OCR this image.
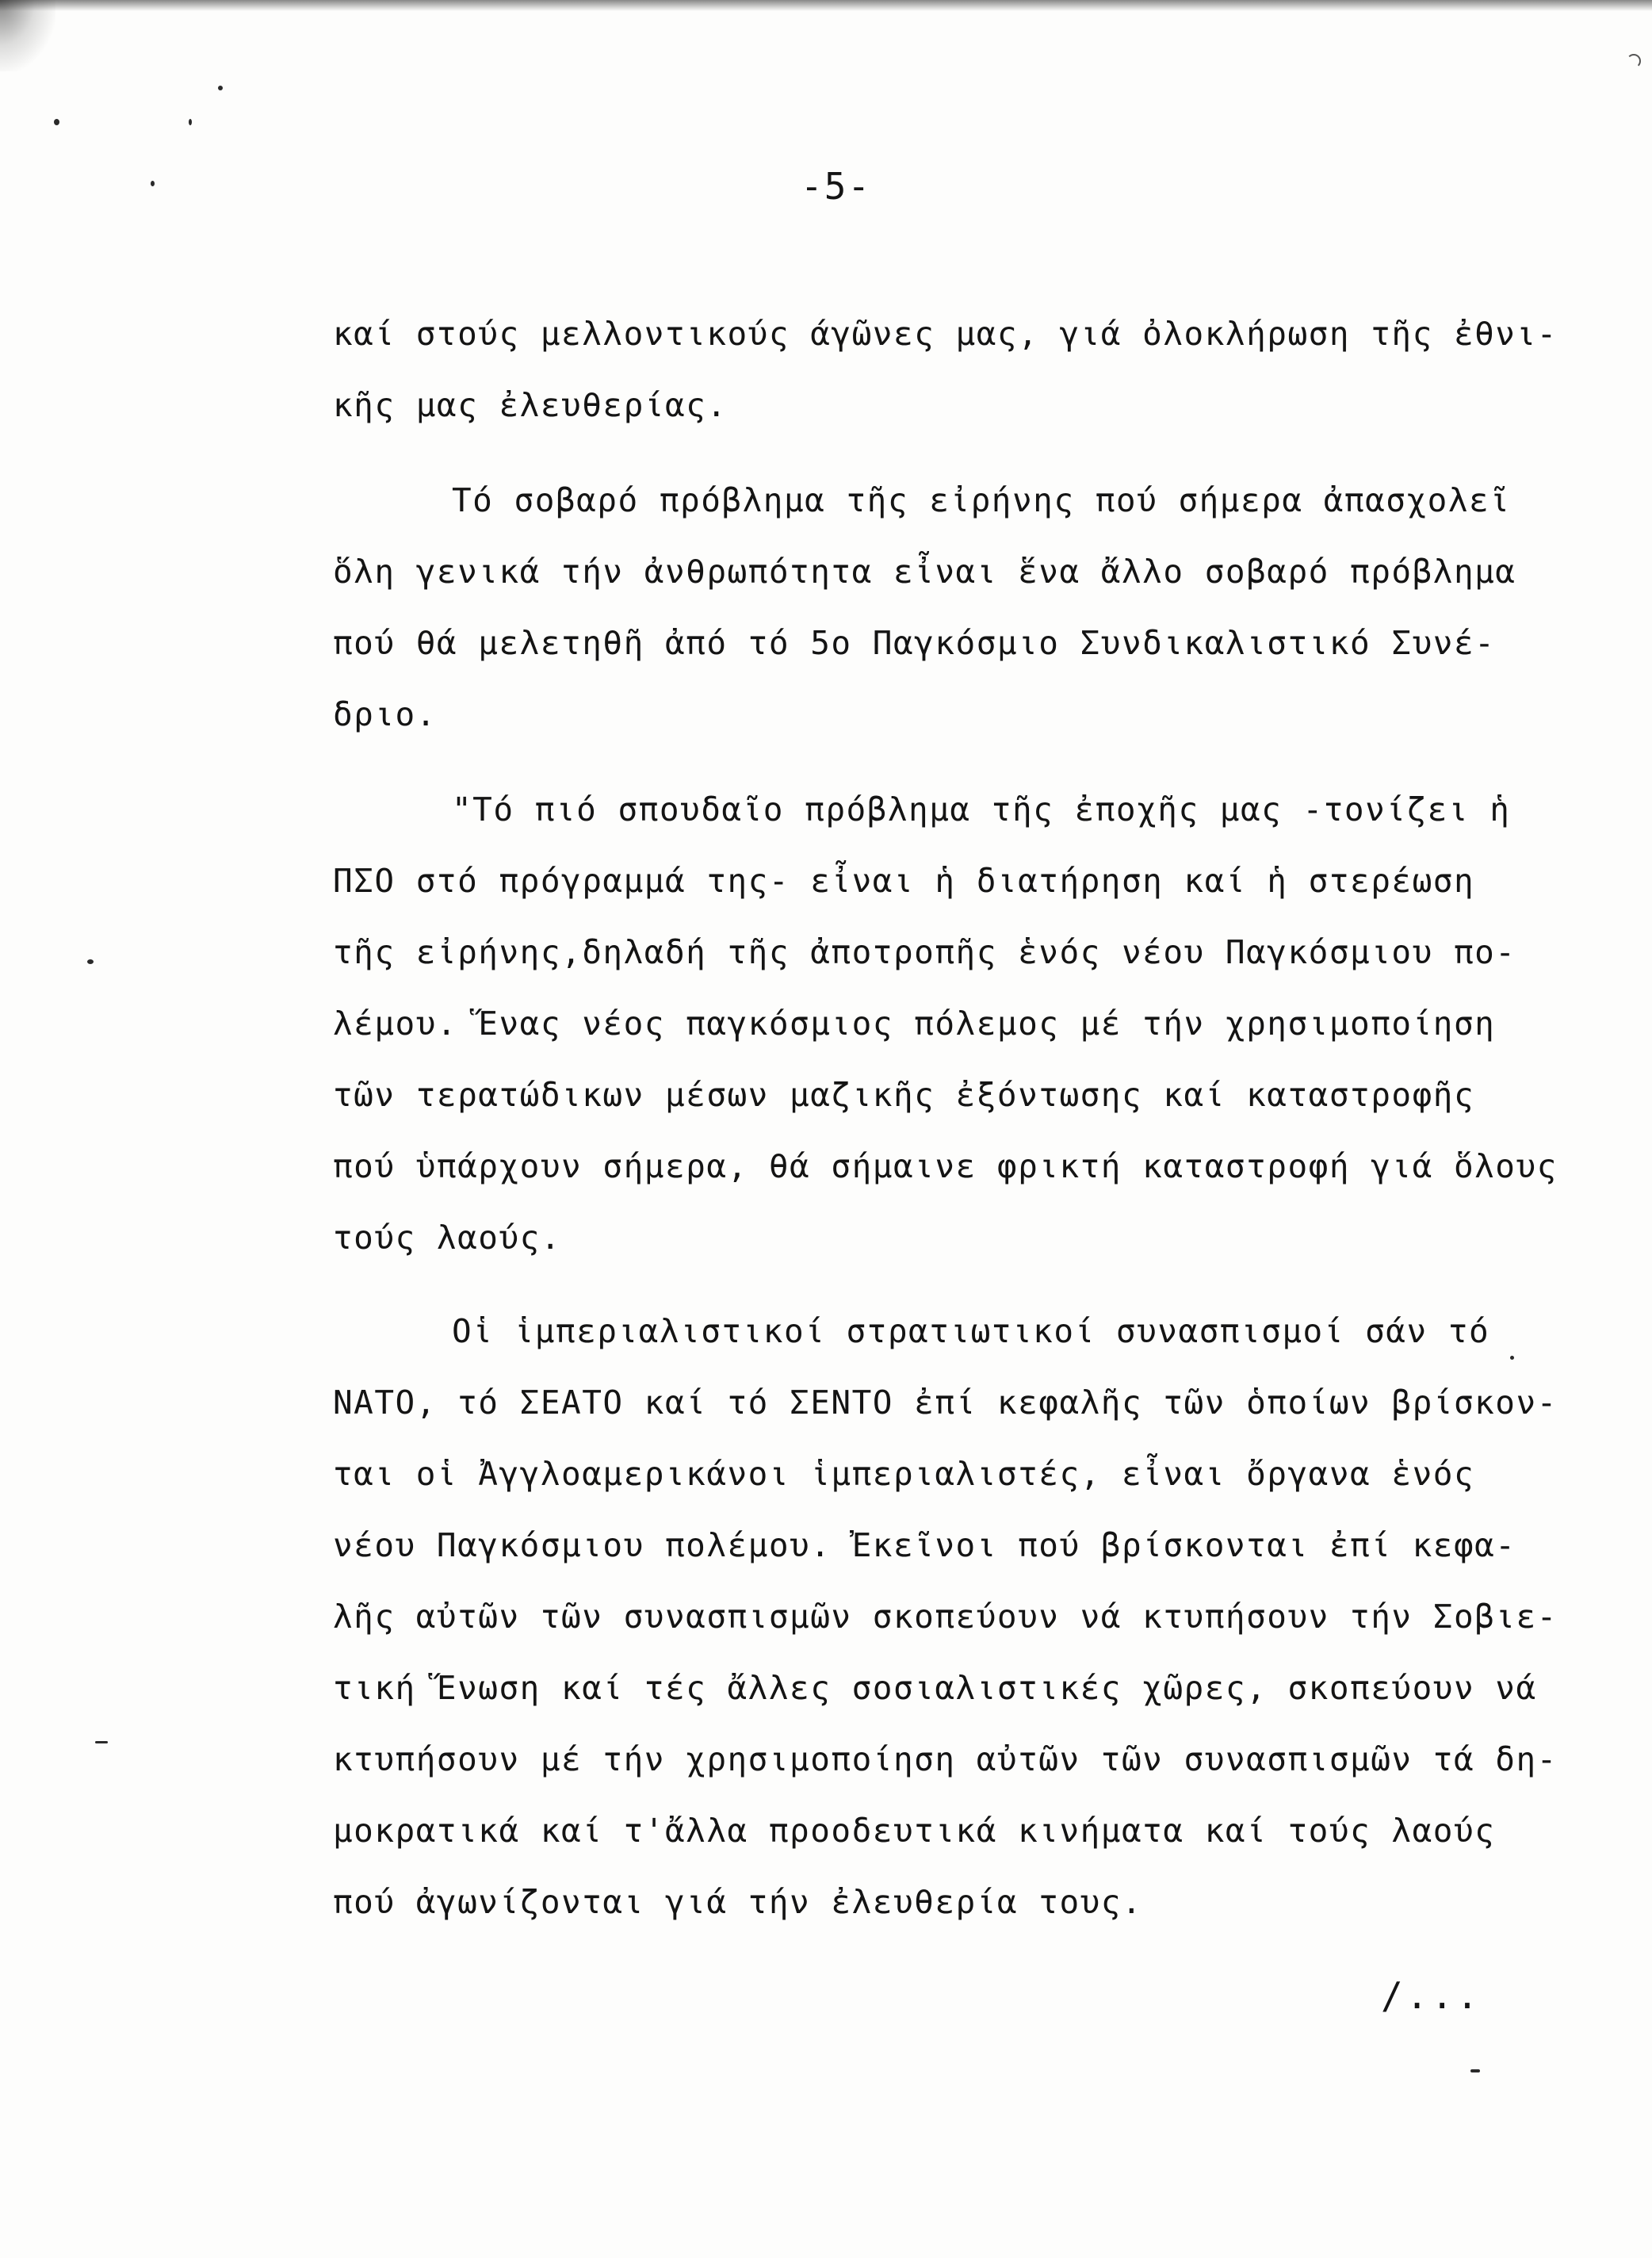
-5-
καί στούς μελλοντικούς άγῶνες μας, γιά ὀλοκλήρωση τῆς ἐθνι-
κῆς μας ἐλευθερίας.
Τό σοβαρό πρόβλημα τῆς εἰρήνης πού σήμερα ἀπασχολεῖ
ὅλη γενικά τήν ἀνθρωπότητα εἶναι ἕνα ἄλλο σοβαρό πρόβλημα
πού θά μελετηθῆ ἀπό τό 5ο Παγκόσμιο Συνδικαλιστικό Συνέ-
δριο.
"Τό πιό σπουδαῖο πρόβλημα τῆς ἐποχῆς μας -τονίζει ἡ
ΠΣΟ στό πρόγραμμά της- εἶναι ἡ διατήρηση καί ἡ στερέωση
τῆς εἰρήνης,δηλαδή τῆς ἀποτροπῆς ἑνός νέου Παγκόσμιου πο-
λέμου. Ἕνας νέος παγκόσμιος πόλεμος μέ τήν χρησιμοποίηση
τῶν τερατώδικων μέσων μαζικῆς ἐξόντωσης καί καταστροφῆς
πού ὑπάρχουν σήμερα, θά σήμαινε φρικτή καταστροφή γιά ὅλους
τούς λαούς.
Οἱ ἱμπεριαλιστικοί στρατιωτικοί συνασπισμοί σάν τό
ΝΑΤΟ, τό ΣΕΑΤΟ καί τό ΣΕΝΤΟ ἐπί κεφαλῆς τῶν ὁποίων βρίσκον-
ται οἱ Ἀγγλοαμερικάνοι ἱμπεριαλιστές, εἶναι ὄργανα ἑνός
νέου Παγκόσμιου πολέμου. Ἐκεῖνοι πού βρίσκονται ἐπί κεφα-
λῆς αὐτῶν τῶν συνασπισμῶν σκοπεύουν νά κτυπήσουν τήν Σοβιε-
τική Ἕνωση καί τές ἄλλες σοσιαλιστικές χῶρες, σκοπεύουν νά
κτυπήσουν μέ τήν χρησιμοποίηση αὐτῶν τῶν συνασπισμῶν τά δη-
μοκρατικά καί τ'ἄλλα προοδευτικά κινήματα καί τούς λαούς
πού ἀγωνίζονται γιά τήν ἐλευθερία τους.
/...
